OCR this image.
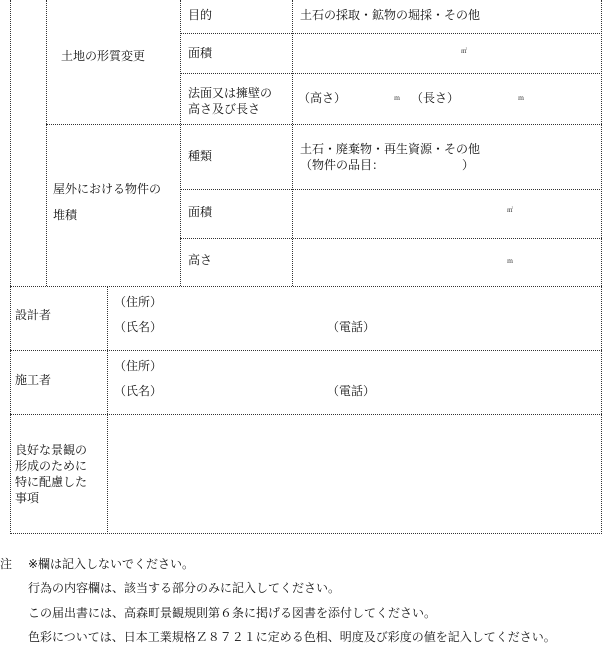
土地の形質変更
目的	土石の採取・鉱物の堀採・その他
面積	㎡
法面又は擁壁の
高さ及び長さ
（高さ）	ｍ （長さ）	ｍ
屋外における物件の
堆積
種類	土石・廃棄物・再生資源・その他
（物件の品目：　　　　　　　）
面積	㎡
高さ	ｍ
設計者
（住所）
（氏名）	（電話）
施工者
（住所）
（氏名）	（電話）
良好な景観の
形成のために
特に配慮した
事項
注 ※欄は記入しないでください。
行為の内容欄は、該当する部分のみに記入してください。
この届出書には、高森町景観規則第６条に掲げる図書を添付してください。
色彩については、日本工業規格Ｚ８７２１に定める色相、明度及び彩度の値を記入してください。
